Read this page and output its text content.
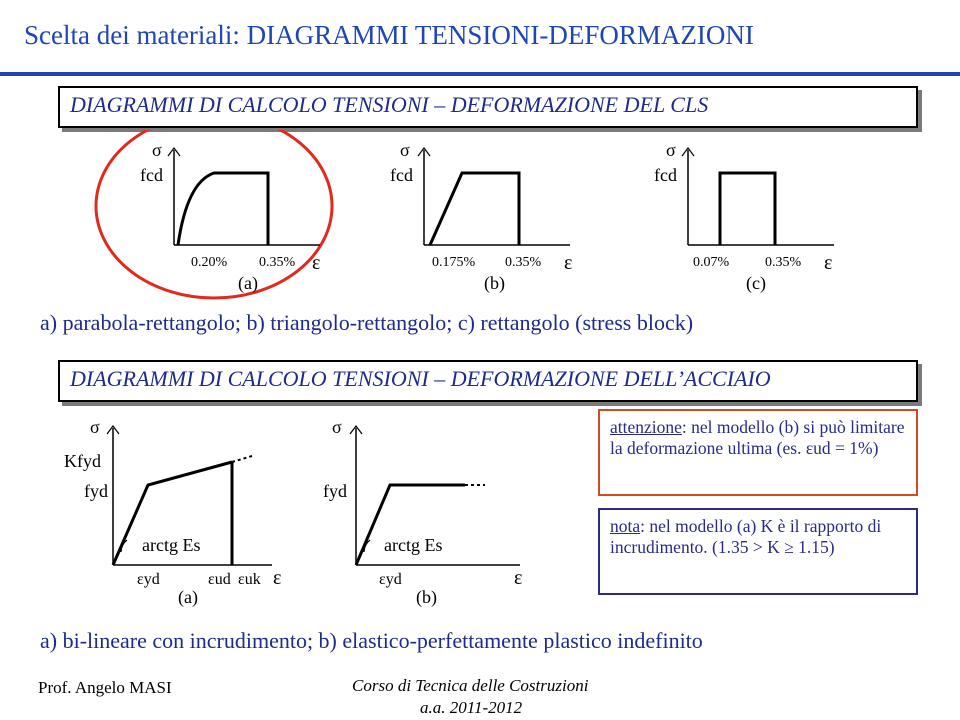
Scelta dei materiali: DIAGRAMMI TENSIONI-DEFORMAZIONI
DIAGRAMMI DI CALCOLO TENSIONI – DEFORMAZIONE DEL CLS
σ
fcd
0.20% 0.35% ε
(a)
σ
fcd
0.175% 0.35% ε
(b)
σ
fcd
0.07%	0.35% ε
(c)
a) parabola-rettangolo; b) triangolo-rettangolo; c) rettangolo (stress block)
DIAGRAMMI DI CALCOLO TENSIONI – DEFORMAZIONE DELL’ACCIAIO
σ
Kfyd
fyd
arctg Es
εyd	εud εuk ε
(a)
σ
fyd
arctg Es
εyd	ε
(b)
attenzione: nel modello (b) si può limitare la deformazione ultima (es. εud = 1%)
nota: nel modello (a) K è il rapporto di incrudimento. (1.35 > K ≥ 1.15)
a) bi-lineare con incrudimento; b) elastico-perfettamente plastico indefinito
Prof. Angelo MASI	Corso di Tecnica delle Costruzioni
a.a. 2011-2012
